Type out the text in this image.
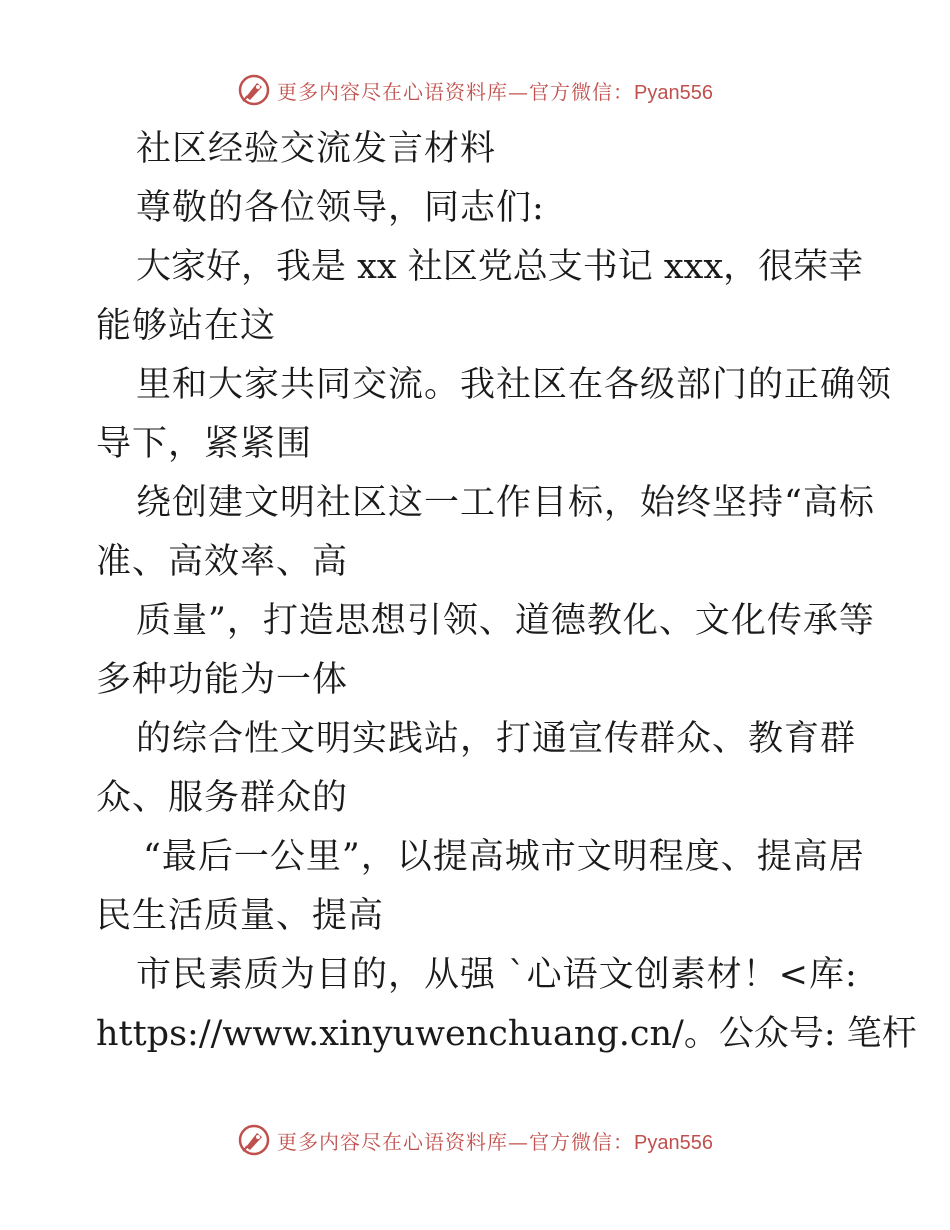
更多内容尽在心语资料库—官方微信：Pyan556
社区经验交流发言材料
尊敬的各位领导，同志们:
大家好，我是 xx 社区党总支书记 xxx，很荣幸
能够站在这
里和大家共同交流。我社区在各级部门的正确领
导下，紧紧围
绕创建文明社区这一工作目标，始终坚持“高标
准、高效率、高
质量”，打造思想引领、道德教化、文化传承等
多种功能为一体
的综合性文明实践站，打通宣传群众、教育群
众、服务群众的
“最后一公里”，以提高城市文明程度、提高居
民生活质量、提高
市民素质为目的，从强 `心语文创素材！<库:
https://www.xinyuwenchuang.cn/。公众号: 笔杆
更多内容尽在心语资料库—官方微信：Pyan556
